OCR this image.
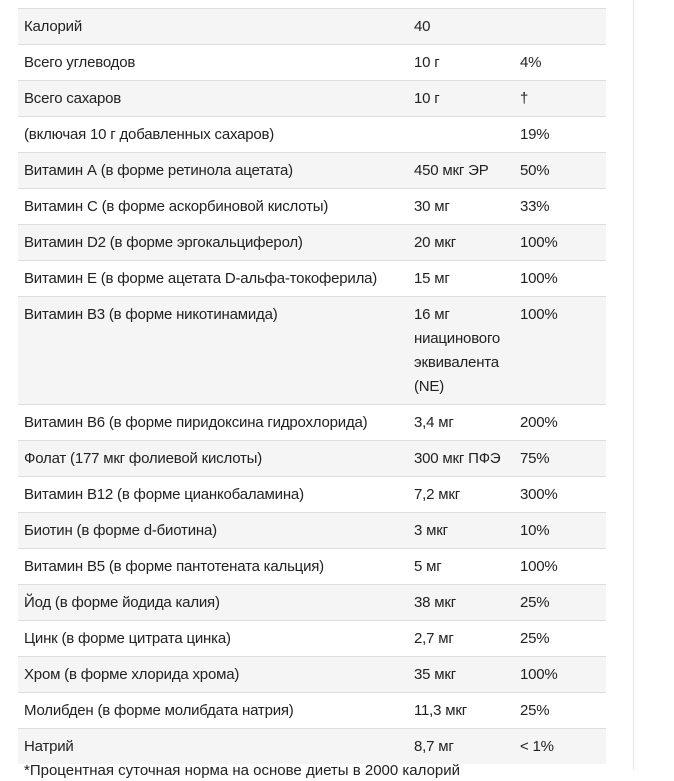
Калорий	40	
Всего углеводов	10 г	4%
Всего сахаров	10 г	†
(включая 10 г добавленных сахаров)		19%
Витамин А (в форме ретинола ацетата)	450 мкг ЭР	50%
Витамин C (в форме аскорбиновой кислоты)	30 мг	33%
Витамин D2 (в форме эргокальциферол)	20 мкг	100%
Витамин E (в форме ацетата D-альфа-токоферила)	15 мг	100%
Витамин B3 (в форме никотинамида)	16 мг ниацинового эквивалента (NE)	100%
Витамин B6 (в форме пиридоксина гидрохлорида)	3,4 мг	200%
Фолат (177 мкг фолиевой кислоты)	300 мкг ПФЭ	75%
Витамин B12 (в форме цианкобаламина)	7,2 мкг	300%
Биотин (в форме d-биотина)	3 мкг	10%
Витамин B5 (в форме пантотената кальция)	5 мг	100%
Йод (в форме йодида калия)	38 мкг	25%
Цинк (в форме цитрата цинка)	2,7 мг	25%
Хром (в форме хлорида хрома)	35 мкг	100%
Молибден (в форме молибдата натрия)	11,3 мкг	25%
Натрий	8,7 мг	< 1%
*Процентная суточная норма на основе диеты в 2000 калорий
